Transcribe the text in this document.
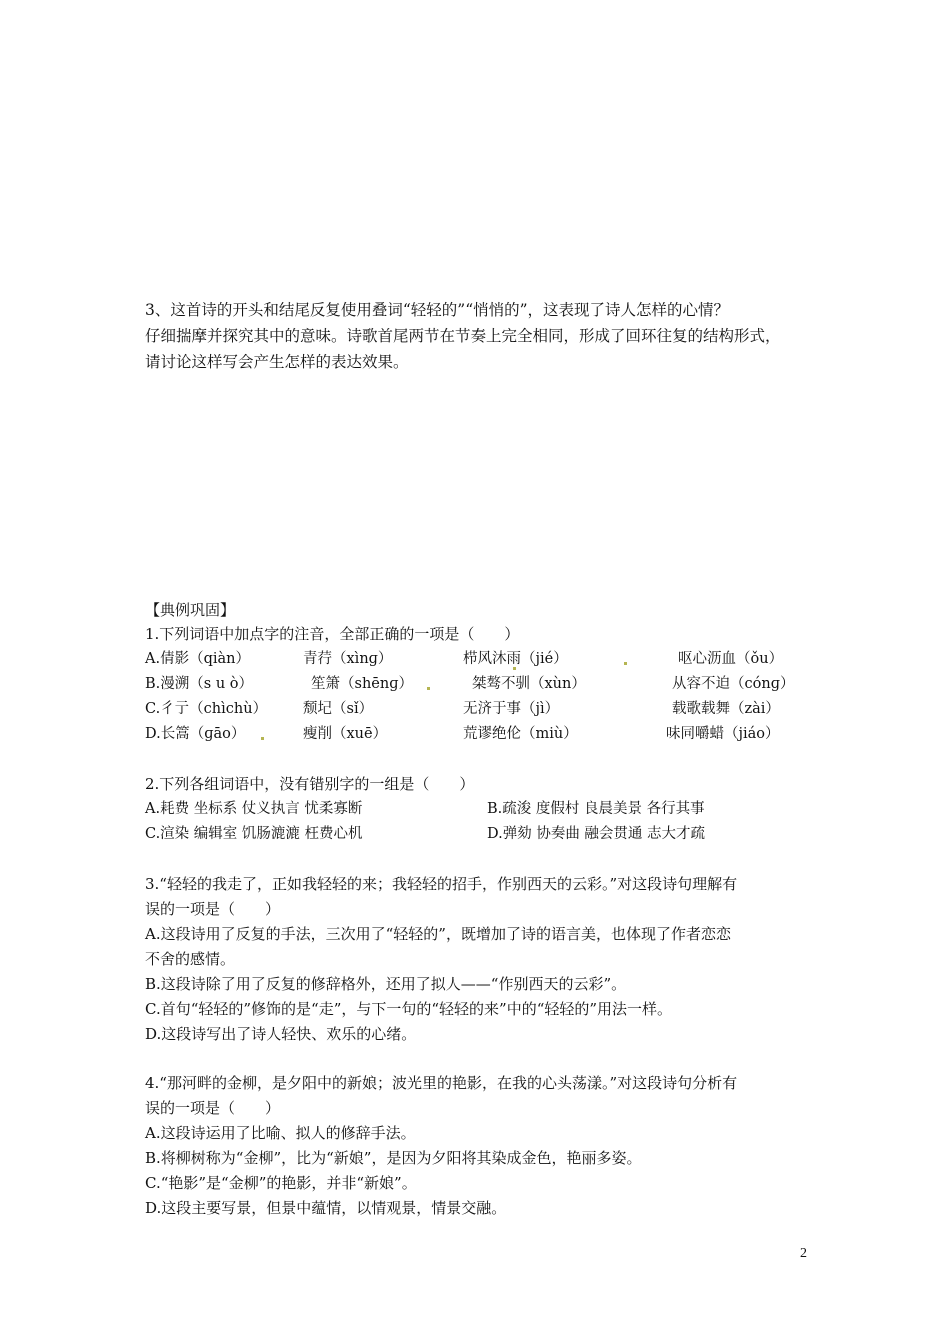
3、这首诗的开头和结尾反复使用叠词“轻轻的”“悄悄的”，这表现了诗人怎样的心情？
仔细揣摩并探究其中的意味。诗歌首尾两节在节奏上完全相同，形成了回环往复的结构形式，
请讨论这样写会产生怎样的表达效果。
【典例巩固】
1.下列词语中加点字的注音，全部正确的一项是（　　）
A.倩影（qiàn）	青荇（xìnɡ）	栉风沐雨（jié）	呕心沥血（ǒu）
B.漫溯（s u ò）	笙箫（shēnɡ）	桀骜不驯（xùn）	从容不迫（cónɡ）
C.彳亍（chìchù） 颓圮（sǐ）	无济于事（jì）	载歌载舞（zài）
D.长篙（ɡāo）	瘦削（xuē）	荒谬绝伦（miù）	味同嚼蜡（jiáo）
2.下列各组词语中，没有错别字的一组是（　　）
A.耗费 坐标系 仗义执言 忧柔寡断	B.疏浚 度假村 良晨美景 各行其事
C.渲染 编辑室 饥肠漉漉 枉费心机	D.弹劾 协奏曲 融会贯通 志大才疏
3.“轻轻的我走了，正如我轻轻的来；我轻轻的招手，作别西天的云彩。”对这段诗句理解有
误的一项是（　　）
A.这段诗用了反复的手法，三次用了“轻轻的”，既增加了诗的语言美，也体现了作者恋恋
不舍的感情。
B.这段诗除了用了反复的修辞格外，还用了拟人——“作别西天的云彩”。
C.首句“轻轻的”修饰的是“走”，与下一句的“轻轻的来”中的“轻轻的”用法一样。
D.这段诗写出了诗人轻快、欢乐的心绪。
4.“那河畔的金柳，是夕阳中的新娘；波光里的艳影，在我的心头荡漾。”对这段诗句分析有
误的一项是（　　）
A.这段诗运用了比喻、拟人的修辞手法。
B.将柳树称为“金柳”，比为“新娘”，是因为夕阳将其染成金色，艳丽多姿。
C.“艳影”是“金柳”的艳影，并非“新娘”。
D.这段主要写景，但景中蕴情，以情观景，情景交融。
2
